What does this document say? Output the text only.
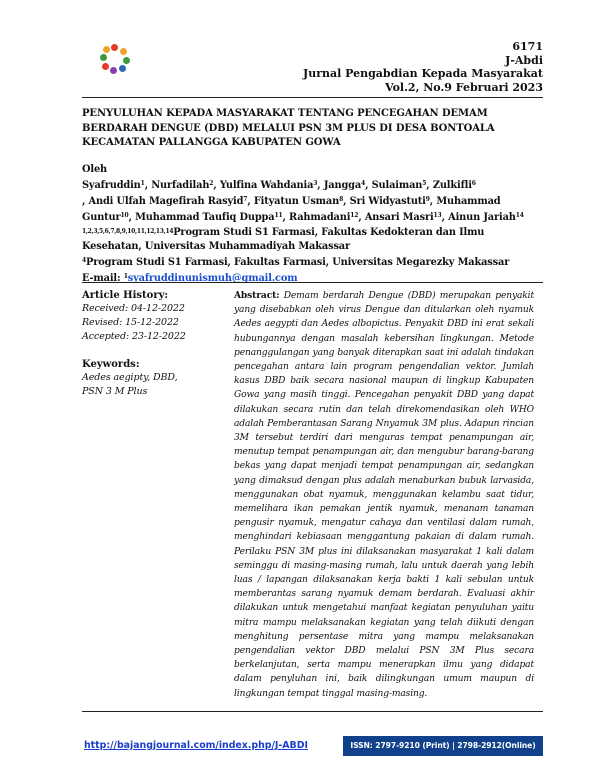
6171
J-Abdi
Jurnal Pengabdian Kepada Masyarakat
Vol.2, No.9 Februari 2023
PENYULUHAN KEPADA MASYARAKAT TENTANG PENCEGAHAN DEMAM BERDARAH DENGUE (DBD) MELALUI PSN 3M PLUS DI DESA BONTOALA KECAMATAN PALLANGGA KABUPATEN GOWA
Oleh
Syafruddin$^1$, Nurfadilah$^2$, Yulfina Wahdania$^3$, Jangga$^4$, Sulaiman$^5$, Zulkifli$^6$
, Andi Ulfah Magefirah Rasyid$^7$, Fityatun Usman$^8$, Sri Widyastuti$^9$, Muhammad
Guntur$^{10}$, Muhammad Taufiq Duppa$^{11}$, Rahmadani$^{12}$, Ansari Masri$^{13}$, Ainun Jariah$^{14}$
$^{1,2,3,5,6,7,8,9,10,11,12,13,14}$Program Studi S1 Farmasi, Fakultas Kedokteran dan Ilmu
Kesehatan, Universitas Muhammadiyah Makassar
$^4$Program Studi S1 Farmasi, Fakultas Farmasi, Universitas Megarezky Makassar
E-mail: $^1$syafruddinunismuh@gmail.com
Article History:
Received: 04-12-2022
Revised: 15-12-2022
Accepted: 23-12-2022
Keywords:
Aedes aegipty, DBD,
PSN 3 M Plus
Abstract: Demam berdarah Dengue (DBD) merupakan penyakit yang disebabkan oleh virus Dengue dan ditularkan oleh nyamuk Aedes aegypti dan Aedes albopictus. Penyakit DBD ini erat sekali hubungannya dengan masalah kebersihan lingkungan. Metode penanggulangan yang banyak diterapkan saat ini adalah tindakan pencegahan antara lain program pengendalian vektor. Jumlah kasus DBD baik secara nasional maupun di lingkup Kabupaten Gowa yang masih tinggi. Pencegahan penyakit DBD yang dapat dilakukan secara rutin dan telah direkomendasikan oleh WHO adalah Pemberantasan Sarang Nnyamuk 3M plus. Adapun rincian 3M tersebut terdiri dari menguras tempat penampungan air, menutup tempat penampungan air, dan mengubur barang-barang bekas yang dapat menjadi tempat penampungan air, sedangkan yang dimaksud dengan plus adalah menaburkan bubuk larvasida, menggunakan obat nyamuk, menggunakan kelambu saat tidur, memelihara ikan pemakan jentik nyamuk, menanam tanaman pengusir nyamuk, mengatur cahaya dan ventilasi dalam rumah, menghindari kebiasaan menggantung pakaian di dalam rumah. Perilaku PSN 3M plus ini dilaksanakan masyarakat 1 kali dalam seminggu di masing-masing rumah, lalu untuk daerah yang lebih luas / lapangan dilaksanakan kerja bakti 1 kali sebulan untuk memberantas sarang nyamuk demam berdarah. Evaluasi akhir dilakukan untuk mengetahui manfaat kegiatan penyuluhan yaitu mitra mampu melaksanakan kegiatan yang telah diikuti dengan menghitung persentase mitra yang mampu melaksanakan pengendalian vektor DBD melalui PSN 3M Plus secara berkelanjutan, serta mampu menerapkan ilmu yang didapat dalam penyluhan ini, baik dilingkungan umum maupun di lingkungan tempat tinggal masing-masing.
http://bajangjournal.com/index.php/J-ABDI	ISSN: 2797-9210 (Print) | 2798-2912(Online)
